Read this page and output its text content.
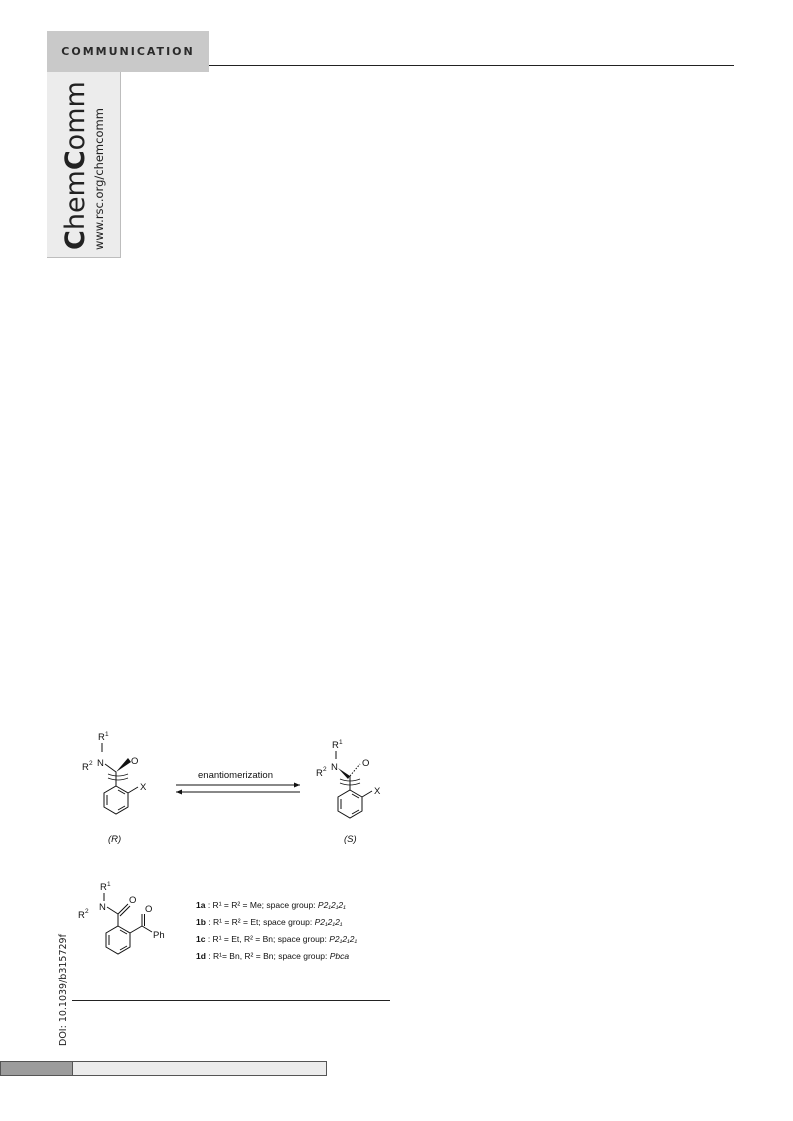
COMMUNICATION
ChemComm www.rsc.org/chemcomm
R 1
R 2 N	O
X
(R)
enantiomerization
R 1
R 2 N	O
X
(S)
R 1
R 2 N
O
O
Ph
1a : R¹ = R² = Me; space group: P2₁2₁2₁
1b : R¹ = R² = Et; space group: P2₁2₁2₁
1c : R¹ = Et, R² = Bn; space group: P2₁2₁2₁
1d : R¹= Bn, R² = Bn; space group: Pbca
DOI: 10.1039/b315729f
